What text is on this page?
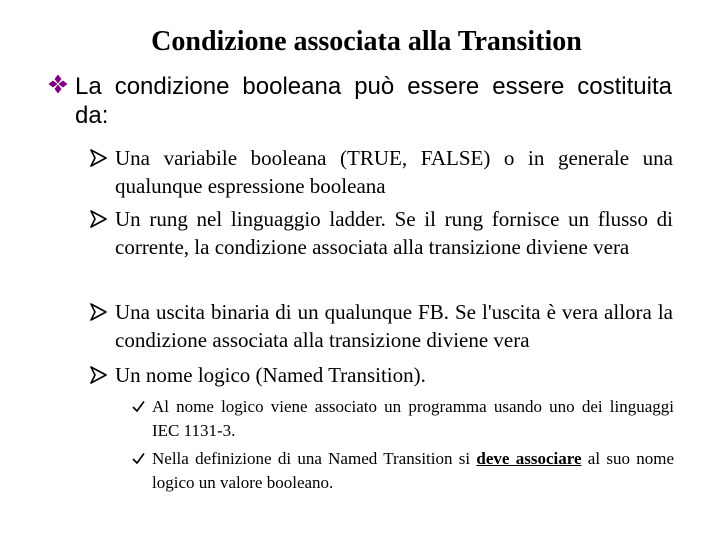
Condizione associata alla Transition
La condizione booleana può essere essere costituita
da:
Una variabile booleana (TRUE, FALSE) o in generale una qualunque espressione booleana
Un rung nel linguaggio ladder. Se il rung fornisce un flusso di corrente, la condizione associata alla transizione diviene vera
Una uscita binaria di un qualunque FB. Se l'uscita è vera allora la condizione associata alla transizione diviene vera
Un nome logico (Named Transition).
Al nome logico viene associato un programma usando uno dei linguaggi IEC 1131-3.
Nella definizione di una Named Transition si deve associare al suo nome logico un valore booleano.
